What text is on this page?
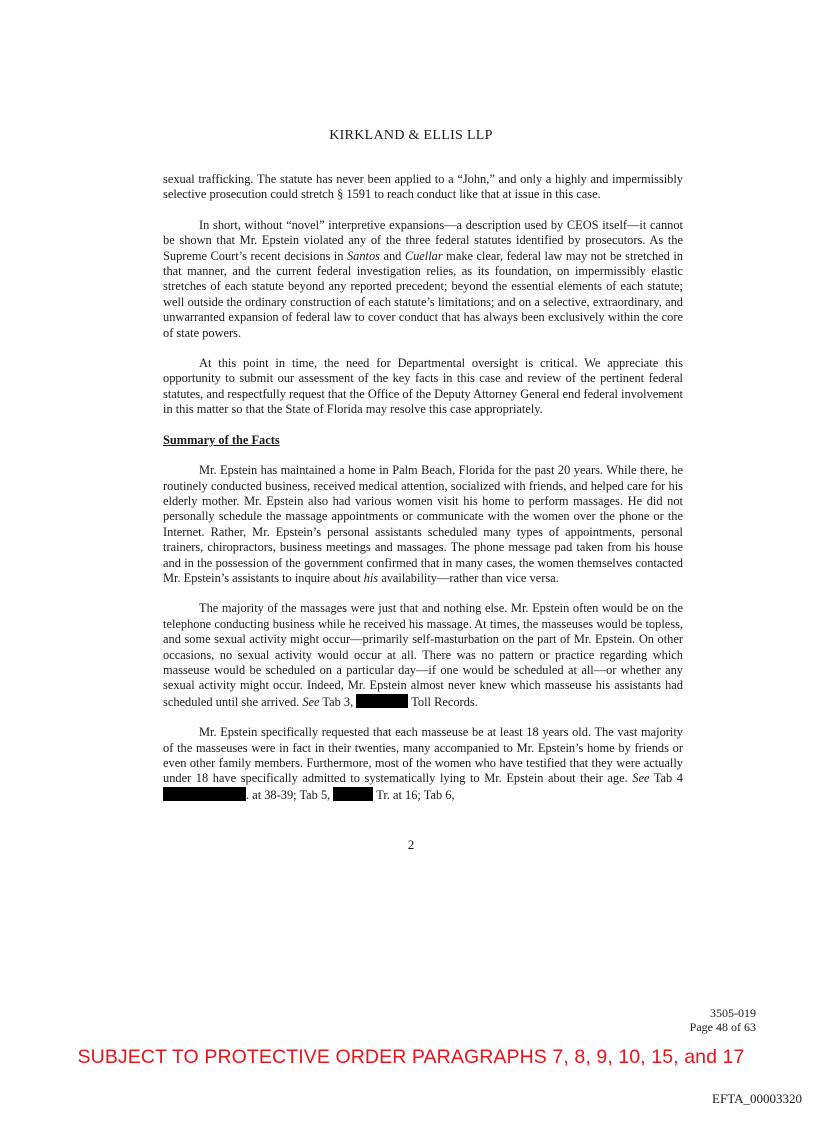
KIRKLAND & ELLIS LLP

sexual trafficking. The statute has never been applied to a “John,” and only a highly and impermissibly selective prosecution could stretch § 1591 to reach conduct like that at issue in this case.

In short, without “novel” interpretive expansions—a description used by CEOS itself—it cannot be shown that Mr. Epstein violated any of the three federal statutes identified by prosecutors. As the Supreme Court’s recent decisions in Santos and Cuellar make clear, federal law may not be stretched in that manner, and the current federal investigation relies, as its foundation, on impermissibly elastic stretches of each statute beyond any reported precedent; beyond the essential elements of each statute; well outside the ordinary construction of each statute’s limitations; and on a selective, extraordinary, and unwarranted expansion of federal law to cover conduct that has always been exclusively within the core of state powers.

At this point in time, the need for Departmental oversight is critical. We appreciate this opportunity to submit our assessment of the key facts in this case and review of the pertinent federal statutes, and respectfully request that the Office of the Deputy Attorney General end federal involvement in this matter so that the State of Florida may resolve this case appropriately.

Summary of the Facts

Mr. Epstein has maintained a home in Palm Beach, Florida for the past 20 years. While there, he routinely conducted business, received medical attention, socialized with friends, and helped care for his elderly mother. Mr. Epstein also had various women visit his home to perform massages. He did not personally schedule the massage appointments or communicate with the women over the phone or the Internet. Rather, Mr. Epstein’s personal assistants scheduled many types of appointments, personal trainers, chiropractors, business meetings and massages. The phone message pad taken from his house and in the possession of the government confirmed that in many cases, the women themselves contacted Mr. Epstein’s assistants to inquire about his availability—rather than vice versa.

The majority of the massages were just that and nothing else. Mr. Epstein often would be on the telephone conducting business while he received his massage. At times, the masseuses would be topless, and some sexual activity might occur—primarily self-masturbation on the part of Mr. Epstein. On other occasions, no sexual activity would occur at all. There was no pattern or practice regarding which masseuse would be scheduled on a particular day—if one would be scheduled at all—or whether any sexual activity might occur. Indeed, Mr. Epstein almost never knew which masseuse his assistants had scheduled until she arrived. See Tab 3,	Toll Records.

Mr. Epstein specifically requested that each masseuse be at least 18 years old. The vast majority of the masseuses were in fact in their twenties, many accompanied to Mr. Epstein’s home by friends or even other family members. Furthermore, most of the women who have testified that they were actually under 18 have specifically admitted to systematically lying to Mr. Epstein about their age. See Tab 4 . at 38-39; Tab 5,	Tr. at 16; Tab 6,

2
3505-019
Page 48 of 63
SUBJECT TO PROTECTIVE ORDER PARAGRAPHS 7, 8, 9, 10, 15, and 17
EFTA_00003320
